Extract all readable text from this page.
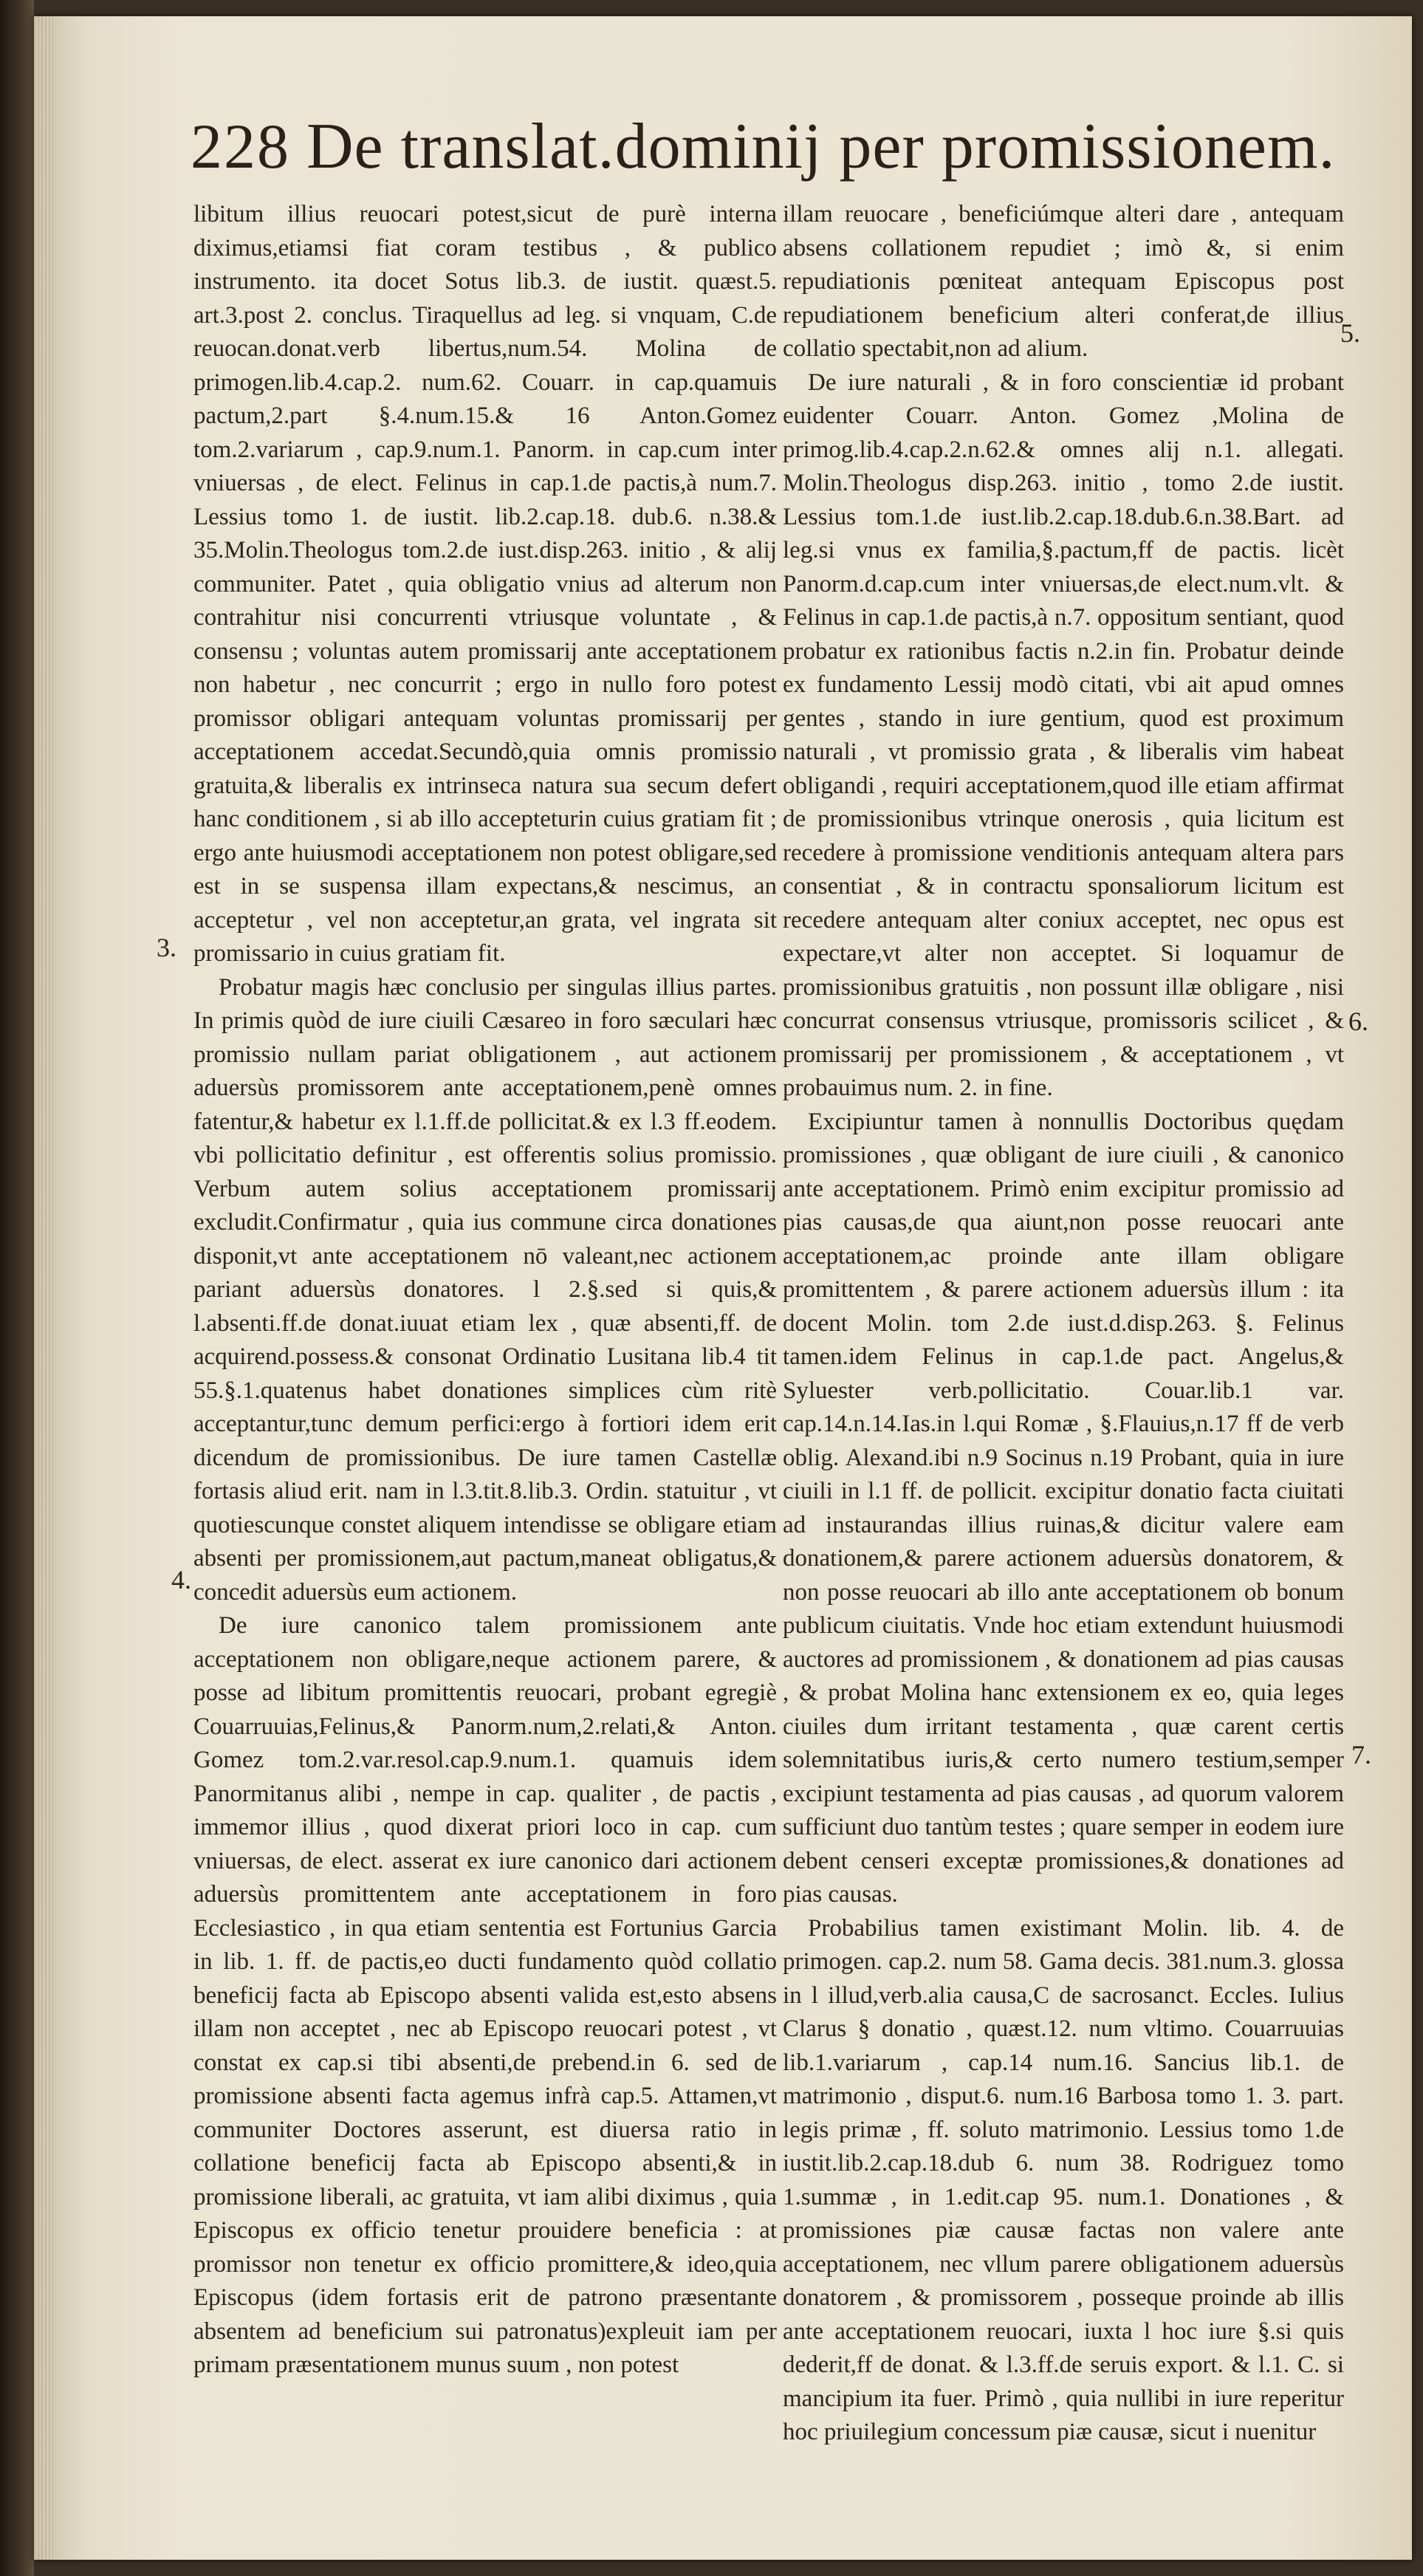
228 De translat.dominij per promissionem.

libitum illius reuocari potest,sicut de purè interna diximus,etiamsi fiat coram testibus , & publico instrumento. ita docet Sotus lib.3. de iustit. quæst.5. art.3.post 2. conclus. Tiraquellus ad leg. si vnquam, C.de reuocan.donat.verb libertus,num.54. Molina de primogen.lib.4.cap.2. num.62. Couarr. in cap.quamuis pactum,2.part §.4.num.15.& 16 Anton.Gomez tom.2.variarum , cap.9.num.1. Panorm. in cap.cum inter vniuersas , de elect. Felinus in cap.1.de pactis,à num.7. Lessius tomo 1. de iustit. lib.2.cap.18. dub.6. n.38.& 35.Molin.Theologus tom.2.de iust.disp.263. initio , & alij communiter. Patet , quia obligatio vnius ad alterum non contrahitur nisi concurrenti vtriusque voluntate , & consensu ; voluntas autem promissarij ante acceptationem non habetur , nec concurrit ; ergo in nullo foro potest promissor obligari antequam voluntas promissarij per acceptationem accedat.Secundò,quia omnis promissio gratuita,& liberalis ex intrinseca natura sua secum defert hanc conditionem , si ab illo accepteturin cuius gratiam fit ; ergo ante huiusmodi acceptationem non potest obligare,sed est in se suspensa illam expectans,& nescimus, an acceptetur , vel non acceptetur,an grata, vel ingrata sit promissario in cuius gratiam fit.

Probatur magis hæc conclusio per singulas illius partes. In primis quòd de iure ciuili Cæsareo in foro sæculari hæc promissio nullam pariat obligationem , aut actionem aduersùs promissorem ante acceptationem,penè omnes fatentur,& habetur ex l.1.ff.de pollicitat.& ex l.3 ff.eodem. vbi pollicitatio definitur , est offerentis solius promissio. Verbum autem solius acceptationem promissarij excludit.Confirmatur , quia ius commune circa donationes disponit,vt ante acceptationem nō valeant,nec actionem pariant aduersùs donatores. l 2.§.sed si quis,& l.absenti.ff.de donat.iuuat etiam lex , quæ absenti,ff. de acquirend.possess.& consonat Ordinatio Lusitana lib.4 tit 55.§.1.quatenus habet donationes simplices cùm ritè acceptantur,tunc demum perfici:ergo à fortiori idem erit dicendum de promissionibus. De iure tamen Castellæ fortasis aliud erit. nam in l.3.tit.8.lib.3. Ordin. statuitur , vt quotiescunque constet aliquem intendisse se obligare etiam absenti per promissionem,aut pactum,maneat obligatus,& concedit aduersùs eum actionem.

De iure canonico talem promissionem ante acceptationem non obligare,neque actionem parere, & posse ad libitum promittentis reuocari, probant egregiè Couarruuias,Felinus,& Panorm.num,2.relati,& Anton. Gomez tom.2.var.resol.cap.9.num.1. quamuis idem Panormitanus alibi , nempe in cap. qualiter , de pactis , immemor illius , quod dixerat priori loco in cap. cum vniuersas, de elect. asserat ex iure canonico dari actionem aduersùs promittentem ante acceptationem in foro Ecclesiastico , in qua etiam sententia est Fortunius Garcia in lib. 1. ff. de pactis,eo ducti fundamento quòd collatio beneficij facta ab Episcopo absenti valida est,esto absens illam non acceptet , nec ab Episcopo reuocari potest , vt constat ex cap.si tibi absenti,de prebend.in 6. sed de promissione absenti facta agemus infrà cap.5. Attamen,vt communiter Doctores asserunt, est diuersa ratio in collatione beneficij facta ab Episcopo absenti,& in promissione liberali, ac gratuita, vt iam alibi diximus , quia Episcopus ex officio tenetur prouidere beneficia : at promissor non tenetur ex officio promittere,& ideo,quia Episcopus (idem fortasis erit de patrono præsentante absentem ad beneficium sui patronatus)expleuit iam per primam præsentationem munus suum , non potest

illam reuocare , beneficiúmque alteri dare , antequam absens collationem repudiet ; imò &, si enim repudiationis pœniteat antequam Episcopus post repudiationem beneficium alteri conferat,de illius collatio spectabit,non ad alium.

De iure naturali , & in foro conscientiæ id probant euidenter Couarr. Anton. Gomez ,Molina de primog.lib.4.cap.2.n.62.& omnes alij n.1. allegati. Molin.Theologus disp.263. initio , tomo 2.de iustit. Lessius tom.1.de iust.lib.2.cap.18.dub.6.n.38.Bart. ad leg.si vnus ex familia,§.pactum,ff de pactis. licèt Panorm.d.cap.cum inter vniuersas,de elect.num.vlt. & Felinus in cap.1.de pactis,à n.7. oppositum sentiant, quod probatur ex rationibus factis n.2.in fin. Probatur deinde ex fundamento Lessij modò citati, vbi ait apud omnes gentes , stando in iure gentium, quod est proximum naturali , vt promissio grata , & liberalis vim habeat obligandi , requiri acceptationem,quod ille etiam affirmat de promissionibus vtrinque onerosis , quia licitum est recedere à promissione venditionis antequam altera pars consentiat , & in contractu sponsaliorum licitum est recedere antequam alter coniux acceptet, nec opus est expectare,vt alter non acceptet. Si loquamur de promissionibus gratuitis , non possunt illæ obligare , nisi concurrat consensus vtriusque, promissoris scilicet , & promissarij per promissionem , & acceptationem , vt probauimus num. 2. in fine.

Excipiuntur tamen à nonnullis Doctoribus quędam promissiones , quæ obligant de iure ciuili , & canonico ante acceptationem. Primò enim excipitur promissio ad pias causas,de qua aiunt,non posse reuocari ante acceptationem,ac proinde ante illam obligare promittentem , & parere actionem aduersùs illum : ita docent Molin. tom 2.de iust.d.disp.263. §. Felinus tamen.idem Felinus in cap.1.de pact. Angelus,& Syluester verb.pollicitatio. Couar.lib.1 var. cap.14.n.14.Ias.in l.qui Romæ , §.Flauius,n.17 ff de verb oblig. Alexand.ibi n.9 Socinus n.19 Probant, quia in iure ciuili in l.1 ff. de pollicit. excipitur donatio facta ciuitati ad instaurandas illius ruinas,& dicitur valere eam donationem,& parere actionem aduersùs donatorem, & non posse reuocari ab illo ante acceptationem ob bonum publicum ciuitatis. Vnde hoc etiam extendunt huiusmodi auctores ad promissionem , & donationem ad pias causas , & probat Molina hanc extensionem ex eo, quia leges ciuiles dum irritant testamenta , quæ carent certis solemnitatibus iuris,& certo numero testium,semper excipiunt testamenta ad pias causas , ad quorum valorem sufficiunt duo tantùm testes ; quare semper in eodem iure debent censeri exceptæ promissiones,& donationes ad pias causas.

Probabilius tamen existimant Molin. lib. 4. de primogen. cap.2. num 58. Gama decis. 381.num.3. glossa in l illud,verb.alia causa,C de sacrosanct. Eccles. Iulius Clarus § donatio , quæst.12. num vltimo. Couarruuias lib.1.variarum , cap.14 num.16. Sancius lib.1. de matrimonio , disput.6. num.16 Barbosa tomo 1. 3. part. legis primæ , ff. soluto matrimonio. Lessius tomo 1.de iustit.lib.2.cap.18.dub 6. num 38. Rodriguez tomo 1.summæ , in 1.edit.cap 95. num.1. Donationes , & promissiones piæ causæ factas non valere ante acceptationem, nec vllum parere obligationem aduersùs donatorem , & promissorem , posseque proinde ab illis ante acceptationem reuocari, iuxta l hoc iure §.si quis dederit,ff de donat. & l.3.ff.de seruis export. & l.1. C. si mancipium ita fuer. Primò , quia nullibi in iure reperitur hoc priuilegium concessum piæ causæ, sicut i nuenitur

3.
4.
5.
6.
7.
